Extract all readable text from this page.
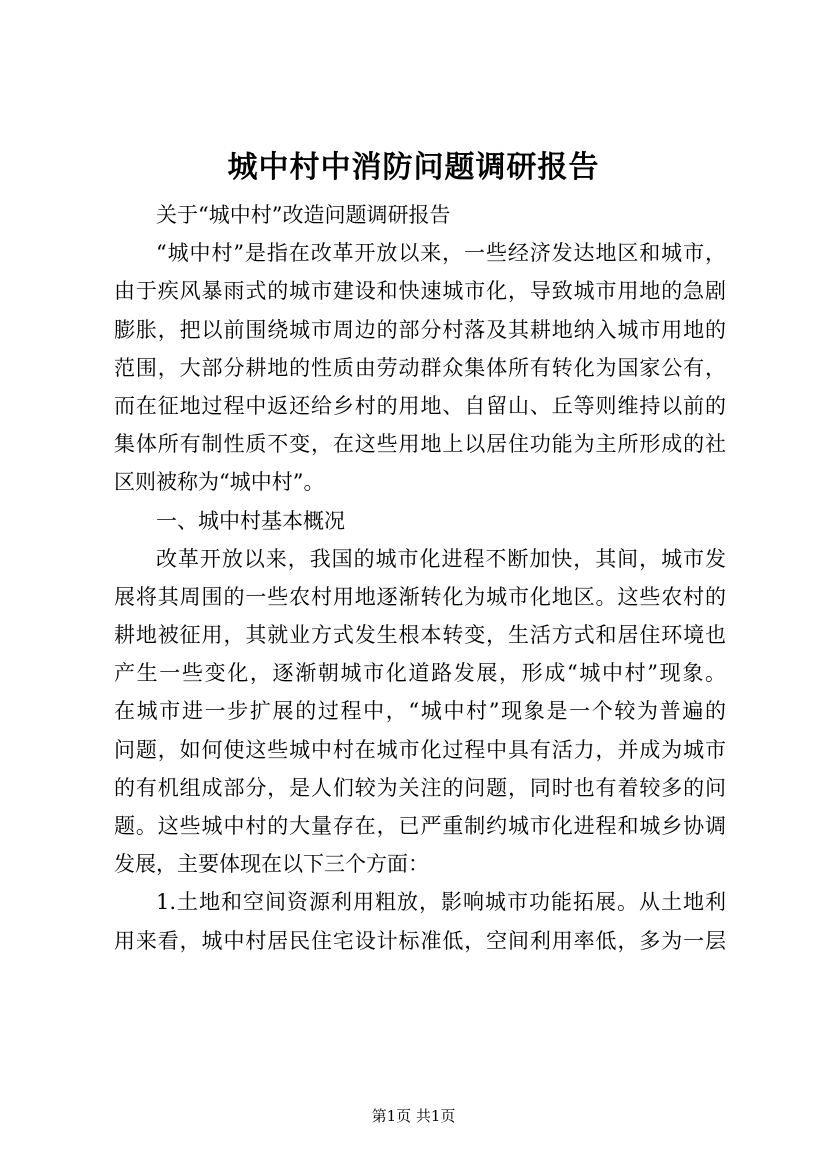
城中村中消防问题调研报告
关于“城中村”改造问题调研报告
“城中村”是指在改革开放以来，一些经济发达地区和城市，
由于疾风暴雨式的城市建设和快速城市化，导致城市用地的急剧
膨胀，把以前围绕城市周边的部分村落及其耕地纳入城市用地的
范围，大部分耕地的性质由劳动群众集体所有转化为国家公有，
而在征地过程中返还给乡村的用地、自留山、丘等则维持以前的
集体所有制性质不变，在这些用地上以居住功能为主所形成的社
区则被称为“城中村”。
一、城中村基本概况
改革开放以来，我国的城市化进程不断加快，其间，城市发
展将其周围的一些农村用地逐渐转化为城市化地区。这些农村的
耕地被征用，其就业方式发生根本转变，生活方式和居住环境也
产生一些变化，逐渐朝城市化道路发展，形成“城中村”现象。
在城市进一步扩展的过程中，“城中村”现象是一个较为普遍的
问题，如何使这些城中村在城市化过程中具有活力，并成为城市
的有机组成部分，是人们较为关注的问题，同时也有着较多的问
题。这些城中村的大量存在，已严重制约城市化进程和城乡协调
发展，主要体现在以下三个方面：
1.土地和空间资源利用粗放，影响城市功能拓展。从土地利
用来看，城中村居民住宅设计标准低，空间利用率低，多为一层
第1页 共1页
